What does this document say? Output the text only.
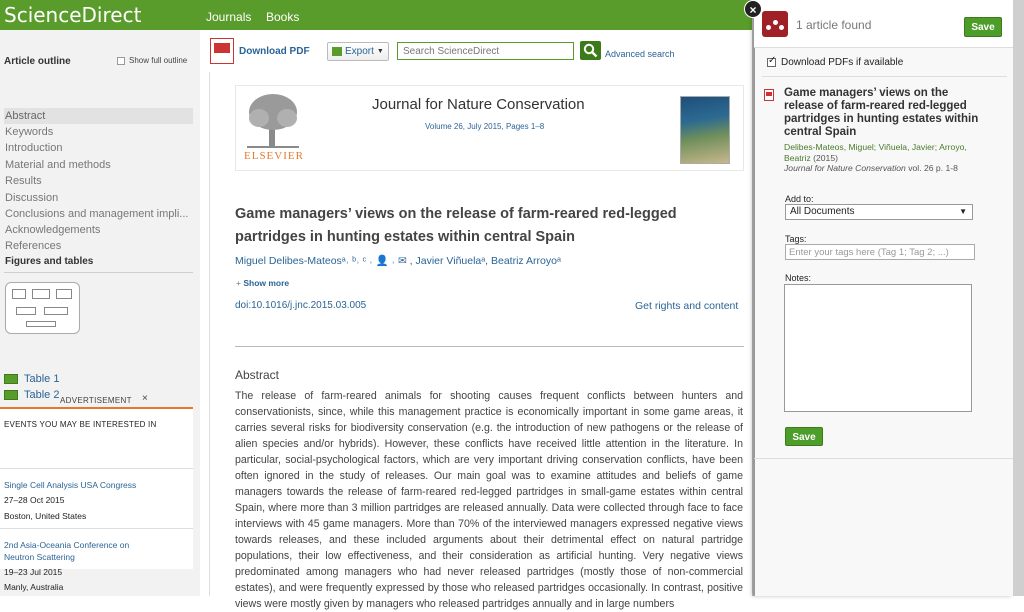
ScienceDirect	Journals Books
Article outline	Show full outline
Abstract
Keywords
Introduction
Material and methods
Results
Discussion
Conclusions and management impli...
Acknowledgements
References
Figures and tables
Table 1
Table 2 ADVERTISEMENT ×
EVENTS YOU MAY BE INTERESTED IN
Single Cell Analysis USA Congress
27–28 Oct 2015
Boston, United States
2nd Asia-Oceania Conference on
Neutron Scattering
19–23 Jul 2015
Manly, Australia
Download PDF	Export ▼
Search ScienceDirect	Advanced search
ELSEVIER
Journal for Nature Conservation
Volume 26, July 2015, Pages 1–8
Game managers’ views on the release of farm-reared red-legged partridges in hunting estates within central Spain
Miguel Delibes-Mateosᵃ˒ ᵇ˒ ᶜ ˒ 👤 ˒ ✉ , Javier Viñuelaᵃ, Beatriz Arroyoᵃ
+ Show more
doi:10.1016/j.jnc.2015.03.005	Get rights and content
Abstract
The release of farm-reared animals for shooting causes frequent conflicts between hunters and conservationists, since, while this management practice is economically important in some game areas, it carries several risks for biodiversity conservation (e.g. the introduction of new pathogens or the release of alien species and/or hybrids). However, these conflicts have received little attention in the literature. In particular, social-psychological factors, which are very important driving conservation conflicts, have been often ignored in the study of releases. Our main goal was to examine attitudes and beliefs of game managers towards the release of farm-reared red-legged partridges in small-game estates within central Spain, where more than 3 million partridges are released annually. Data were collected through face to face interviews with 45 game managers. More than 70% of the interviewed managers expressed negative views towards releases, and these included arguments about their detrimental effect on natural partridge populations, their low effectiveness, and their consideration as artificial hunting. Very negative views predominated among managers who had never released partridges (mostly those of non-commercial estates), and were frequently expressed by those who released partridges occasionally. In contrast, positive views were mostly given by managers who released partridges annually and in large numbers
1 article found	Save
×
✓
Download PDFs if available
Game managers’ views on the release of farm-reared red-legged partridges in hunting estates within central Spain
Delibes-Mateos, Miguel; Viñuela, Javier; Arroyo, Beatriz (2015)
Journal for Nature Conservation vol. 26 p. 1-8
Add to:
All Documents	▼
Tags:
Enter your tags here (Tag 1; Tag 2; ...)
Notes:
Save
